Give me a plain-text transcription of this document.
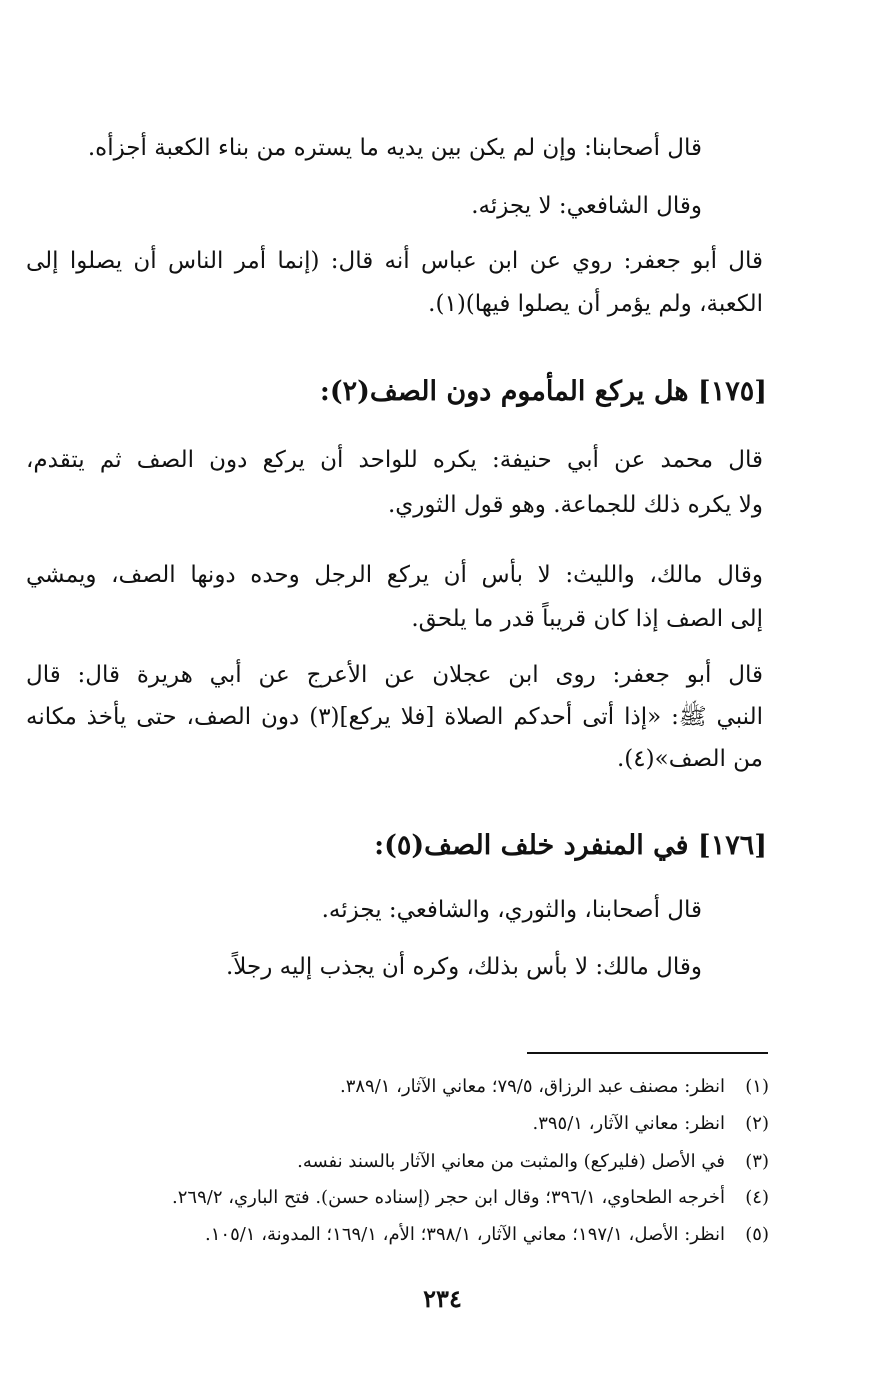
قال أصحابنا: وإن لم يكن بين يديه ما يستره من بناء الكعبة أجزأه.
وقال الشافعي: لا يجزئه.
قال أبو جعفر: روي عن ابن عباس أنه قال: (إنما أمر الناس أن يصلوا إلى
الكعبة، ولم يؤمر أن يصلوا فيها)(١).
[١٧٥] هل يركع المأموم دون الصف(٢):
قال محمد عن أبي حنيفة: يكره للواحد أن يركع دون الصف ثم يتقدم،
ولا يكره ذلك للجماعة. وهو قول الثوري.
وقال مالك، والليث: لا بأس أن يركع الرجل وحده دونها الصف، ويمشي
إلى الصف إذا كان قريباً قدر ما يلحق.
قال أبو جعفر: روى ابن عجلان عن الأعرج عن أبي هريرة قال: قال
النبي ﷺ: «إذا أتى أحدكم الصلاة [فلا يركع](٣) دون الصف، حتى يأخذ مكانه
من الصف»(٤).
[١٧٦] في المنفرد خلف الصف(٥):
قال أصحابنا، والثوري، والشافعي: يجزئه.
وقال مالك: لا بأس بذلك، وكره أن يجذب إليه رجلاً.
(١)انظر: مصنف عبد الرزاق، ٧٩/٥؛ معاني الآثار، ٣٨٩/١.
(٢)انظر: معاني الآثار، ٣٩٥/١.
(٣)في الأصل (فليركع) والمثبت من معاني الآثار بالسند نفسه.
(٤)أخرجه الطحاوي، ٣٩٦/١؛ وقال ابن حجر (إسناده حسن). فتح الباري، ٢٦٩/٢.
(٥)انظر: الأصل، ١٩٧/١؛ معاني الآثار، ٣٩٨/١؛ الأم، ١٦٩/١؛ المدونة، ١٠٥/١.
٢٣٤
